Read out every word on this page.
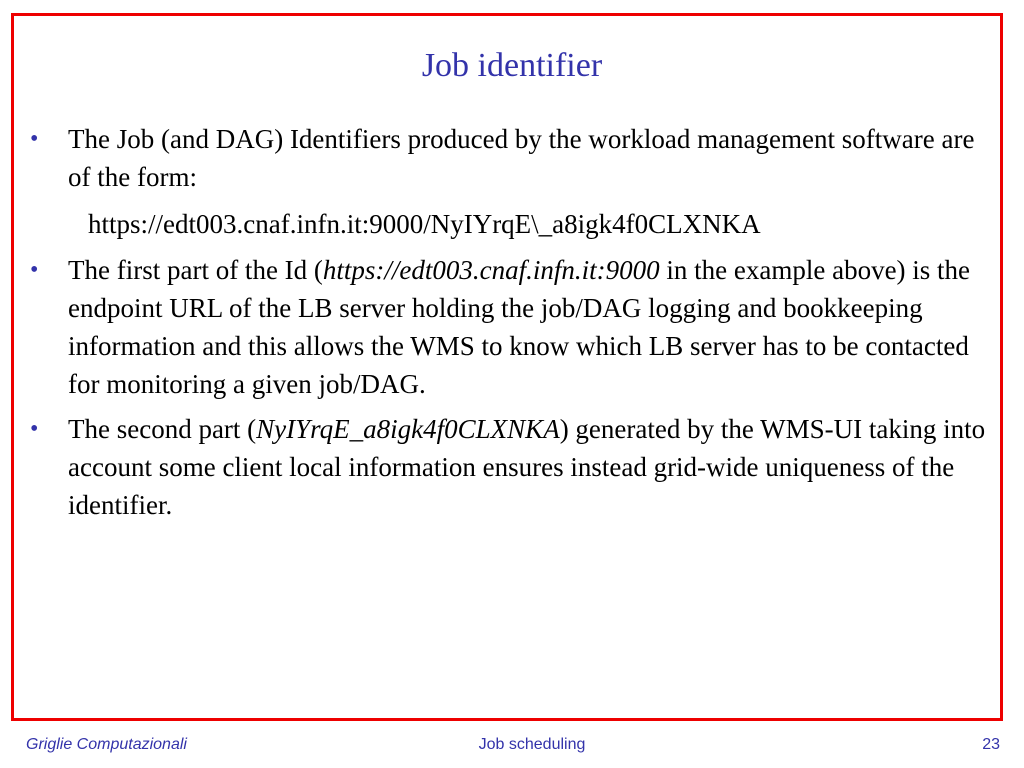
Job identifier
•	The Job (and DAG) Identifiers produced by the workload management software are of the form:
https://edt003.cnaf.infn.it:9000/NyIYrqE\_a8igk4f0CLXNKA
•	The first part of the Id (https://edt003.cnaf.infn.it:9000 in the example above) is the endpoint URL of the LB server holding the job/DAG logging and bookkeeping information and this allows the WMS to know which LB server has to be contacted for monitoring a given job/DAG.
•	The second part (NyIYrqE_a8igk4f0CLXNKA) generated by the WMS-UI taking into account some client local information ensures instead grid-wide uniqueness of the identifier.
Griglie Computazionali	Job scheduling	23
